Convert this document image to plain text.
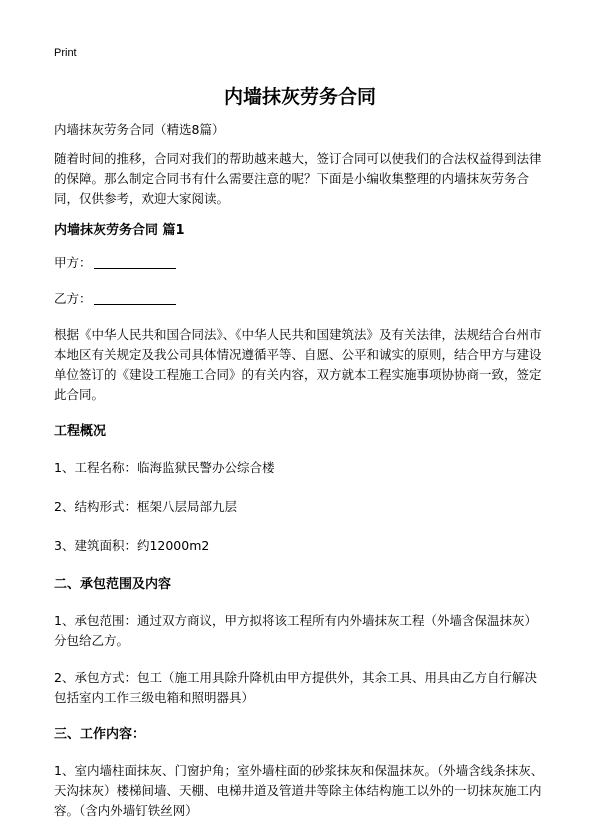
Print
内墙抹灰劳务合同

内墙抹灰劳务合同（精选8篇）

随着时间的推移，合同对我们的帮助越来越大，签订合同可以使我们的合法权益得到法律的保障。那么制定合同书有什么需要注意的呢？下面是小编收集整理的内墙抹灰劳务合同，仅供参考，欢迎大家阅读。

内墙抹灰劳务合同 篇1

甲方：

乙方：

根据《中华人民共和国合同法》、《中华人民共和国建筑法》及有关法律，法规结合台州市本地区有关规定及我公司具体情况遵循平等、自愿、公平和诚实的原则，结合甲方与建设单位签订的《建设工程施工合同》的有关内容，双方就本工程实施事项协协商一致，签定此合同。

工程概况

1、工程名称：临海监狱民警办公综合楼

2、结构形式：框架八层局部九层

3、建筑面积：约12000m2

二、承包范围及内容

1、承包范围：通过双方商议，甲方拟将该工程所有内外墙抹灰工程（外墙含保温抹灰）分包给乙方。

2、承包方式：包工（施工用具除升降机由甲方提供外，其余工具、用具由乙方自行解决包括室内工作三级电箱和照明器具）

三、工作内容：

1、室内墙柱面抹灰、门窗护角；室外墙柱面的砂浆抹灰和保温抹灰。（外墙含线条抹灰、天沟抹灰）楼梯间墙、天棚、电梯井道及管道井等除主体结构施工以外的一切抹灰施工内容。（含内外墙钉铁丝网）
